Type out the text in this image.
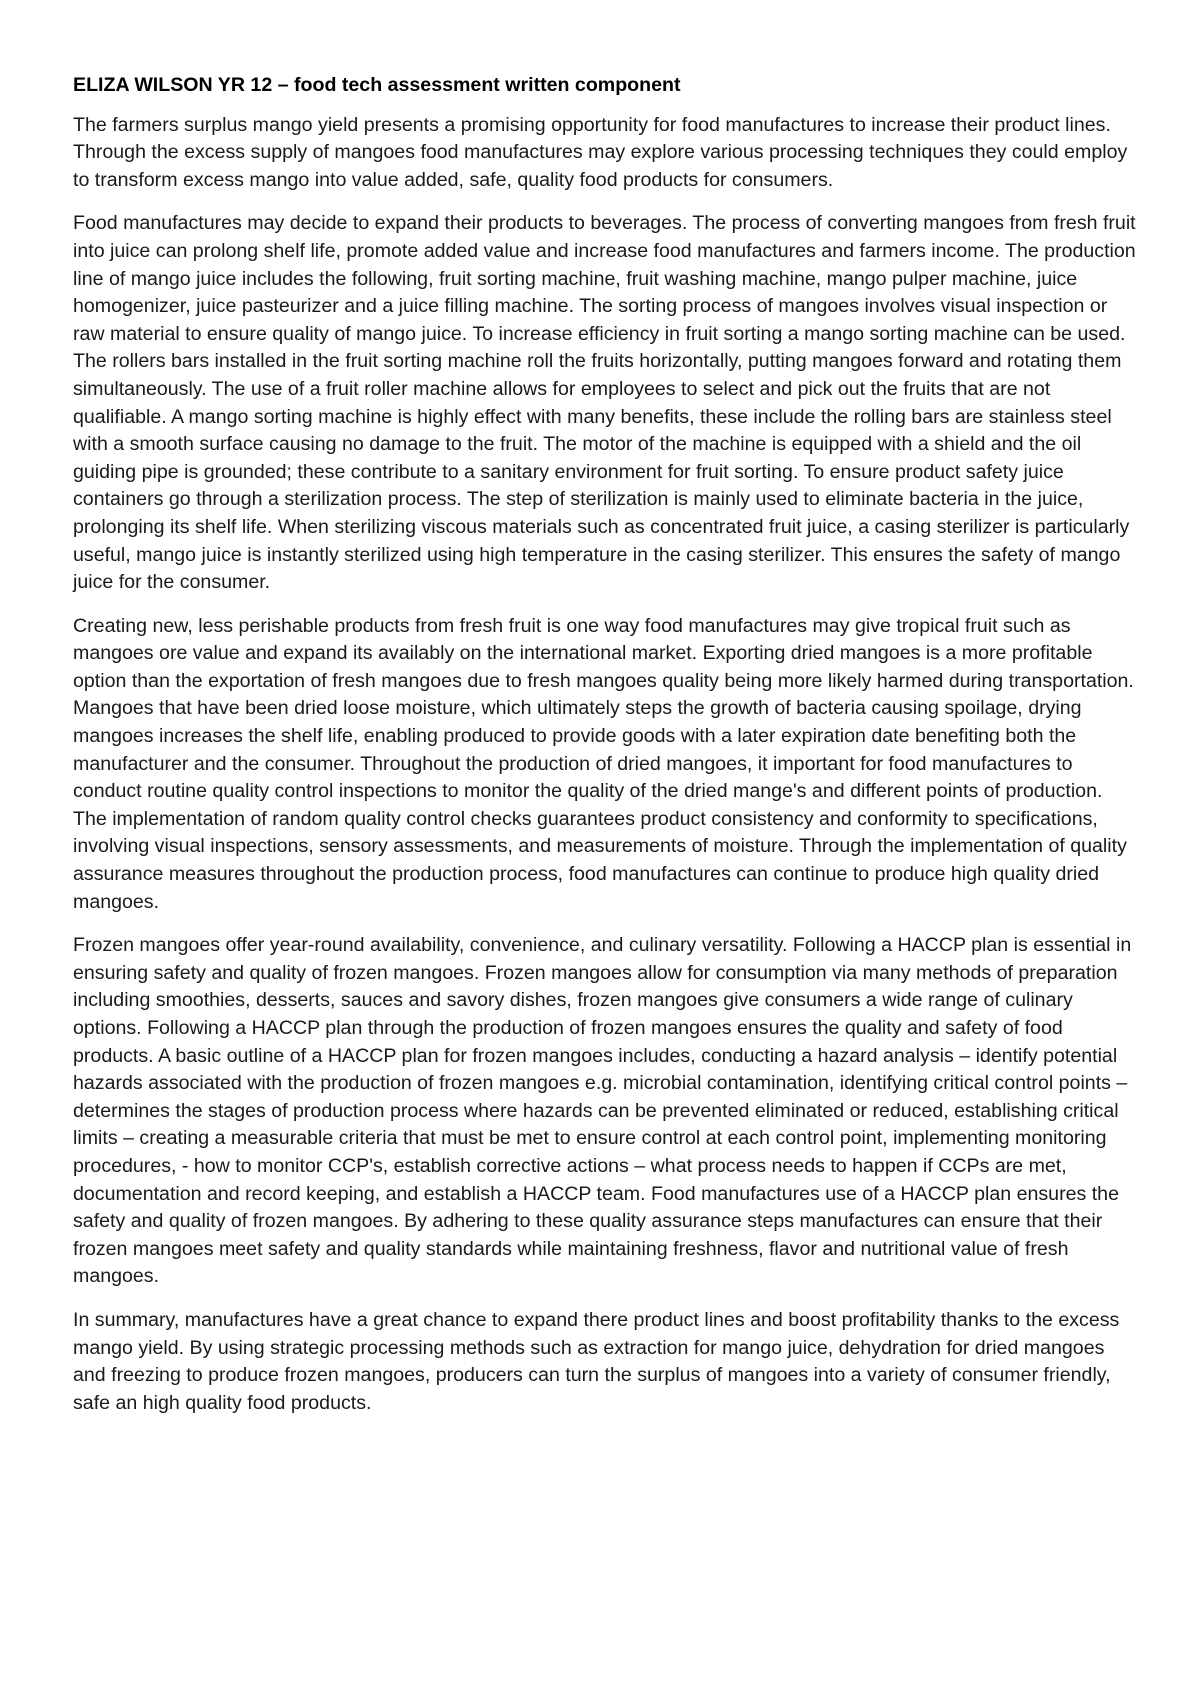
ELIZA WILSON YR 12 – food tech assessment written component

The farmers surplus mango yield presents a promising opportunity for food manufactures to increase their product lines. Through the excess supply of mangoes food manufactures may explore various processing techniques they could employ to transform excess mango into value added, safe, quality food products for consumers.

Food manufactures may decide to expand their products to beverages. The process of converting mangoes from fresh fruit into juice can prolong shelf life, promote added value and increase food manufactures and farmers income. The production line of mango juice includes the following, fruit sorting machine, fruit washing machine, mango pulper machine, juice homogenizer, juice pasteurizer and a juice filling machine. The sorting process of mangoes involves visual inspection or raw material to ensure quality of mango juice. To increase efficiency in fruit sorting a mango sorting machine can be used. The rollers bars installed in the fruit sorting machine roll the fruits horizontally, putting mangoes forward and rotating them simultaneously. The use of a fruit roller machine allows for employees to select and pick out the fruits that are not qualifiable. A mango sorting machine is highly effect with many benefits, these include the rolling bars are stainless steel with a smooth surface causing no damage to the fruit. The motor of the machine is equipped with a shield and the oil guiding pipe is grounded; these contribute to a sanitary environment for fruit sorting. To ensure product safety juice containers go through a sterilization process. The step of sterilization is mainly used to eliminate bacteria in the juice, prolonging its shelf life. When sterilizing viscous materials such as concentrated fruit juice, a casing sterilizer is particularly useful, mango juice is instantly sterilized using high temperature in the casing sterilizer. This ensures the safety of mango juice for the consumer.

Creating new, less perishable products from fresh fruit is one way food manufactures may give tropical fruit such as mangoes ore value and expand its availably on the international market. Exporting dried mangoes is a more profitable option than the exportation of fresh mangoes due to fresh mangoes quality being more likely harmed during transportation. Mangoes that have been dried loose moisture, which ultimately steps the growth of bacteria causing spoilage, drying mangoes increases the shelf life, enabling produced to provide goods with a later expiration date benefiting both the manufacturer and the consumer. Throughout the production of dried mangoes, it important for food manufactures to conduct routine quality control inspections to monitor the quality of the dried mange's and different points of production. The implementation of random quality control checks guarantees product consistency and conformity to specifications, involving visual inspections, sensory assessments, and measurements of moisture. Through the implementation of quality assurance measures throughout the production process, food manufactures can continue to produce high quality dried mangoes.

Frozen mangoes offer year-round availability, convenience, and culinary versatility. Following a HACCP plan is essential in ensuring safety and quality of frozen mangoes. Frozen mangoes allow for consumption via many methods of preparation including smoothies, desserts, sauces and savory dishes, frozen mangoes give consumers a wide range of culinary options. Following a HACCP plan through the production of frozen mangoes ensures the quality and safety of food products. A basic outline of a HACCP plan for frozen mangoes includes, conducting a hazard analysis – identify potential hazards associated with the production of frozen mangoes e.g. microbial contamination, identifying critical control points – determines the stages of production process where hazards can be prevented eliminated or reduced, establishing critical limits – creating a measurable criteria that must be met to ensure control at each control point, implementing monitoring procedures, - how to monitor CCP's, establish corrective actions – what process needs to happen if CCPs are met, documentation and record keeping, and establish a HACCP team. Food manufactures use of a HACCP plan ensures the safety and quality of frozen mangoes. By adhering to these quality assurance steps manufactures can ensure that their frozen mangoes meet safety and quality standards while maintaining freshness, flavor and nutritional value of fresh mangoes.

In summary, manufactures have a great chance to expand there product lines and boost profitability thanks to the excess mango yield. By using strategic processing methods such as extraction for mango juice, dehydration for dried mangoes and freezing to produce frozen mangoes, producers can turn the surplus of mangoes into a variety of consumer friendly, safe an high quality food products.
